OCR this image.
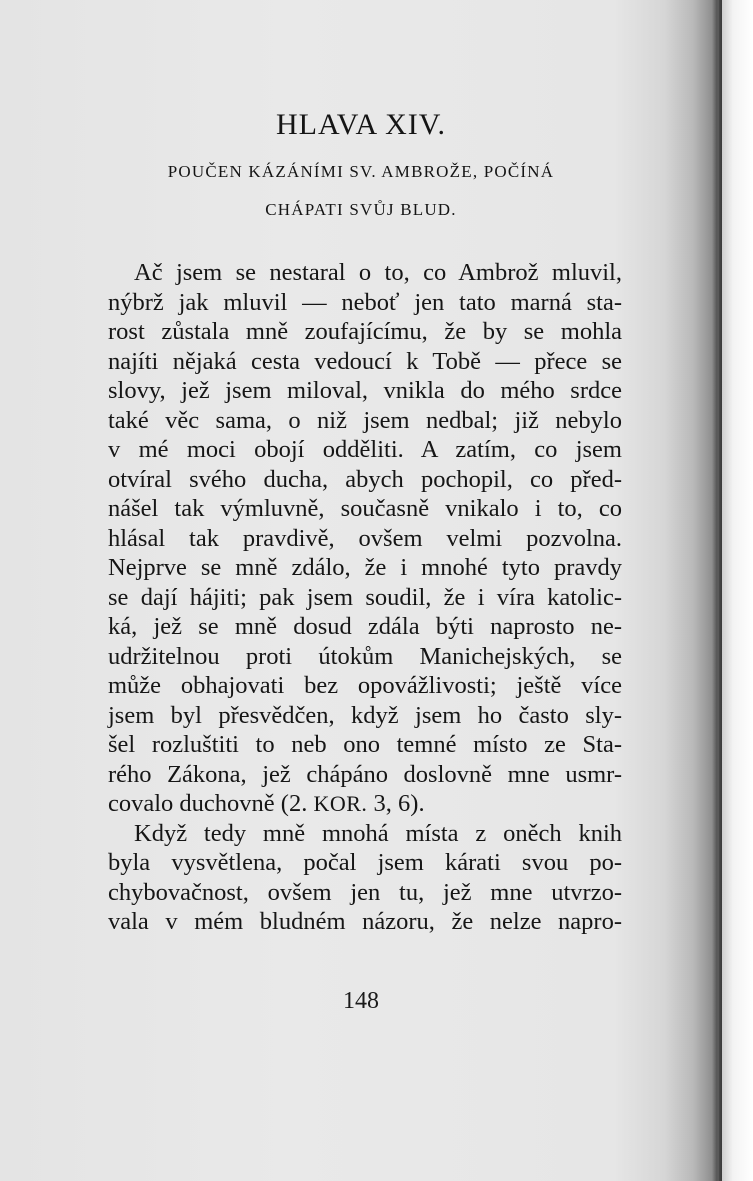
HLAVA XIV.
POUČEN KÁZÁNÍMI SV. AMBROŽE, POČÍNÁ
CHÁPATI SVŮJ BLUD.
Ač jsem se nestaral o to, co Ambrož mluvil,
nýbrž jak mluvil — neboť jen tato marná sta-
rost zůstala mně zoufajícímu, že by se mohla
najíti nějaká cesta vedoucí k Tobě — přece se
slovy, jež jsem miloval, vnikla do mého srdce
také věc sama, o niž jsem nedbal; již nebylo
v mé moci obojí odděliti. A zatím, co jsem
otvíral svého ducha, abych pochopil, co před-
nášel tak výmluvně, současně vnikalo i to, co
hlásal tak pravdivě, ovšem velmi pozvolna.
Nejprve se mně zdálo, že i mnohé tyto pravdy
se dají hájiti; pak jsem soudil, že i víra katolic-
ká, jež se mně dosud zdála býti naprosto ne-
udržitelnou proti útokům Manichejských, se
může obhajovati bez opovážlivosti; ještě více
jsem byl přesvědčen, když jsem ho často sly-
šel rozluštiti to neb ono temné místo ze Sta-
rého Zákona, jež chápáno doslovně mne usmr-
covalo duchovně (2. KOR. 3, 6).
Když tedy mně mnohá místa z oněch knih
byla vysvětlena, počal jsem kárati svou po-
chybovačnost, ovšem jen tu, jež mne utvrzo-
vala v mém bludném názoru, že nelze napro-
148
